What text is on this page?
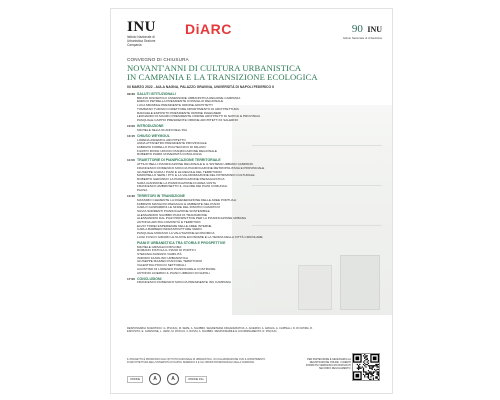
INU
Istituto Nazionale di Urbanistica Sezione Campania
DiARC	90 INU
Istituto Nazionale di Urbanistica
CONVEGNO DI CHIUSURA
NOVANT'ANNI DI CULTURA URBANISTICA
IN CAMPANIA E LA TRANSIZIONE ECOLOGICA
03 MARZO 2022 - AULA NAGNA, PALAZZO GRAVINA, UNIVERSITÀ DI NAPOLI FEDERICO II
09:30 SALUTI ISTITUZIONALI
BRUNO DISCEPOLO ASSESSORE URBANISTICA REGIONE CAMPANIA
ENRICO PETRELLA PRESIDENTE CONSIGLIO REGIONALE
LUCA MIRABILE PRESIDENTE ORDINE ARCHITETTI
TOMMASO TUDISCO DIRETTORE DIPARTIMENTO DI ARCHITETTURA
RAFFAELE ESPOSITO PRESIDENTE ORDINE INGEGNERI
LEONARDO DI MAURO PRESIDENTE ORDINE ARCHITETTI DI NAPOLI E PROVINCIA
PASQUALE CAPPIO PRESIDENTE ORDINE ARCHITETTI DI SALERNO
10:00 INTRODUZIONE
MICHELE SELIA 90 ANNI DELL'INU
10:15 CHIUSO WEYMOUL
LORENA ASFERIOL ARCHITETTO
ANNA ATTANETRO PRESIDENTE PROVINCIALE
FABRIZIO FIORELLO POLITECNICO DI MILANO
FILIPPO ROSSI UFFICIO PIANIFICAZIONE REGIONALE
ROBERTO PARDI UNIVERSITÀ DI BOLOGNA
11:00 TRAIETTORIE DI PIANIFICAZIONE TERRITORIALE
ATTILIO BELLI PIANIFICAZIONE REGIONALE E IL SISTEMA URBANO CAMPANO
FRANCESCO DOMENICO MOCCIA PIANIFICAZIONE METROPOLITANA E PROVINCIALE
GIUSEPPE GUIDA I PIANI E LE REGOLE DEL TERRITORIO
MARCHELLO SEPE I PTC E LA VALORIZZAZIONE DEL PATRIMONIO CULTURALE
ROBERTO GERUNDO LA PIANIFICAZIONE PAESAGGISTICA
SARA GIANNONE LA PIANIFICAZIONE DI AREA VASTA
FRANCESCO AMBROSETTO IL VALORE DEI PIANI COMUNALI
PAUSA
13:30 TERRITORI IN TRANSIZIONE
MASSIMO CLEMENTE LA RIGENERAZIONE DELLE AREE PORTUALI
FABRIZIO MANGONI PAESAGGI E AMBIENTE NEL PIANO
CARLO GASPARRINI LE SFIDE DEL RISCHIO CLIMATICO
SILVIA SORRENTI PIANIFICAZIONE SOSTENIBILE
ALESSANDRO SGOBBO PIANI DI TRANSIZIONE
ALESSANDRO DAL PIAZ PROSPETTIVE PER LA PIANIFICAZIONE URBANA
ANTONIA ARCHIA COMUNITÀ E TERRITORI
ELVIO TRIDEI ESPERIENZE NELLE AREE INTERNE
CARLA BARBIERI INFRASTRUTTURE VERDI
PASQUALE MORANO LA VALUTAZIONE ECONOMICA
LUIGI FUSCO GIRARD LE NUOVE ECONOMIE E LA TEORIA DELLA CITTÀ CIRCOLARE
PIANI E URBANISTICA TRA STORIA E PROSPETTIVE
MICHELE GRIMALDI DIPLOMA
ROMANO FISTOLA IL PIANO DI PORTICI
STEFANIA DANIZZO VIABILITÀ
ISIDORO FASOLINO URBANISTICA
GIUSEPPE MAZZEO PIANI DEL TERRITORIO
VALENTINA PIOCCO SETTORIALI
AGOSTINO DI LORENZO PIANIFICARE E COSTRUIRE
ANTONIO ACIERNO IL PIANO URBANO DI NAPOLI
17:00 CONCLUSIONI
FRANCESCO DOMENICO MOCCIA PRESIDENTE INU CAMPANIA
RESPONSABILI SCIENTIFICI: G. PISCIUG, M. SEPE, A. SGOBBO. SEGRETERIA ORGANIZZATIVA: A. ACIERNO, A. ARCHIA, A. CAPPELLI, D. DI FATIMA, R. ESPOSITO, E. GIANNONE, L. IANNI, M. PIOCCO, F. ROSSI, A. SGOBBO. RESPONSABILE E COORDINAMENTO: R. PISCIUG.
IL PROGETTO È PROMOSSO DALL'ISTITUTO NAZIONALE DI URBANISTICA, IN COLLABORAZIONE CON IL DIPARTIMENTO DI ARCHITETTURA DELL'UNIVERSITÀ DI NAPOLI FEDERICO II E GLI ORDINI PROFESSIONALI DELLA CAMPANIA.
ORDINE	A	A	ORDINE ING.
PER PARTECIPARE È NECESSARIA LA REGISTRAZIONE ONLINE. I CREDITI FORMATIVI VERRANNO RICONOSCIUTI SECONDO REGOLAMENTO.
